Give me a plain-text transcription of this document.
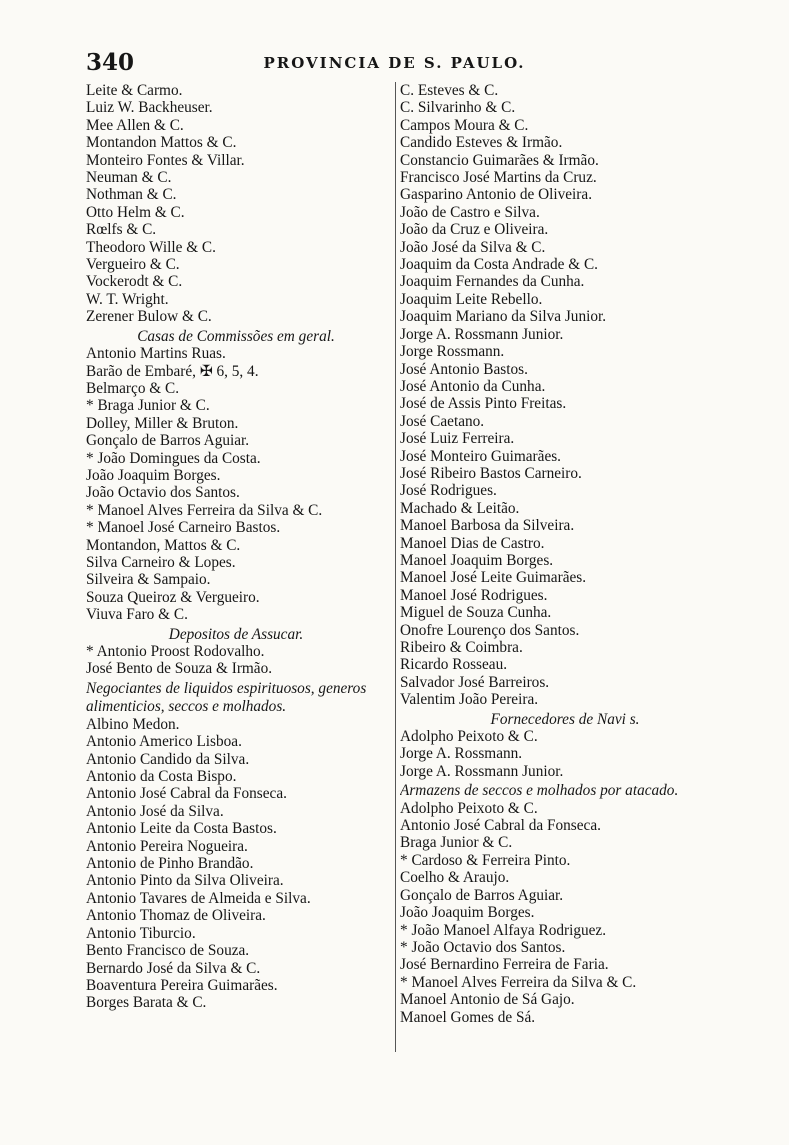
340	PROVINCIA DE S. PAULO.
Leite & Carmo.
Luiz W. Backheuser.
Mee Allen & C.
Montandon Mattos & C.
Monteiro Fontes & Villar.
Neuman & C.
Nothman & C.
Otto Helm & C.
Rœlfs & C.
Theodoro Wille & C.
Vergueiro & C.
Vockerodt & C.
W. T. Wright.
Zerener Bulow & C.
Casas de Commissões em geral.
Antonio Martins Ruas.
Barão de Embaré, ✠ 6, 5, 4.
Belmarço & C.
* Braga Junior & C.
Dolley, Miller & Bruton.
Gonçalo de Barros Aguiar.
* João Domingues da Costa.
João Joaquim Borges.
João Octavio dos Santos.
* Manoel Alves Ferreira da Silva & C.
* Manoel José Carneiro Bastos.
Montandon, Mattos & C.
Silva Carneiro & Lopes.
Silveira & Sampaio.
Souza Queiroz & Vergueiro.
Viuva Faro & C.
Depositos de Assucar.
* Antonio Proost Rodovalho.
José Bento de Souza & Irmão.
Negociantes de liquidos espirituosos, generos alimenticios, seccos e molhados.
Albino Medon.
Antonio Americo Lisboa.
Antonio Candido da Silva.
Antonio da Costa Bispo.
Antonio José Cabral da Fonseca.
Antonio José da Silva.
Antonio Leite da Costa Bastos.
Antonio Pereira Nogueira.
Antonio de Pinho Brandão.
Antonio Pinto da Silva Oliveira.
Antonio Tavares de Almeida e Silva.
Antonio Thomaz de Oliveira.
Antonio Tiburcio.
Bento Francisco de Souza.
Bernardo José da Silva & C.
Boaventura Pereira Guimarães.
Borges Barata & C.
C. Esteves & C.
C. Silvarinho & C.
Campos Moura & C.
Candido Esteves & Irmão.
Constancio Guimarães & Irmão.
Francisco José Martins da Cruz.
Gasparino Antonio de Oliveira.
João de Castro e Silva.
João da Cruz e Oliveira.
João José da Silva & C.
Joaquim da Costa Andrade & C.
Joaquim Fernandes da Cunha.
Joaquim Leite Rebello.
Joaquim Mariano da Silva Junior.
Jorge A. Rossmann Junior.
Jorge Rossmann.
José Antonio Bastos.
José Antonio da Cunha.
José de Assis Pinto Freitas.
José Caetano.
José Luiz Ferreira.
José Monteiro Guimarães.
José Ribeiro Bastos Carneiro.
José Rodrigues.
Machado & Leitão.
Manoel Barbosa da Silveira.
Manoel Dias de Castro.
Manoel Joaquim Borges.
Manoel José Leite Guimarães.
Manoel José Rodrigues.
Miguel de Souza Cunha.
Onofre Lourenço dos Santos.
Ribeiro & Coimbra.
Ricardo Rosseau.
Salvador José Barreiros.
Valentim João Pereira.
Fornecedores de Navi s.
Adolpho Peixoto & C.
Jorge A. Rossmann.
Jorge A. Rossmann Junior.
Armazens de seccos e molhados por atacado.
Adolpho Peixoto & C.
Antonio José Cabral da Fonseca.
Braga Junior & C.
* Cardoso & Ferreira Pinto.
Coelho & Araujo.
Gonçalo de Barros Aguiar.
João Joaquim Borges.
* João Manoel Alfaya Rodriguez.
* João Octavio dos Santos.
José Bernardino Ferreira de Faria.
* Manoel Alves Ferreira da Silva & C.
Manoel Antonio de Sá Gajo.
Manoel Gomes de Sá.
